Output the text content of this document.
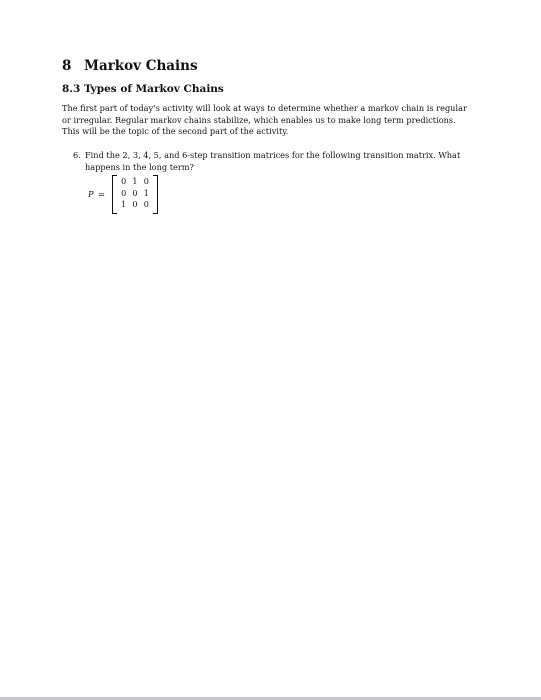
8 Markov Chains
8.3 Types of Markov Chains
The first part of today’s activity will look at ways to determine whether a markov chain is regular
or irregular. Regular markov chains stabilize, which enables us to make long term predictions.
This will be the topic of the second part of the activity.
6. Find the 2, 3, 4, 5, and 6-step transition matrices for the following transition matrix. What
happens in the long term?
P =
0 1 0
0 0 1
1 0 0
